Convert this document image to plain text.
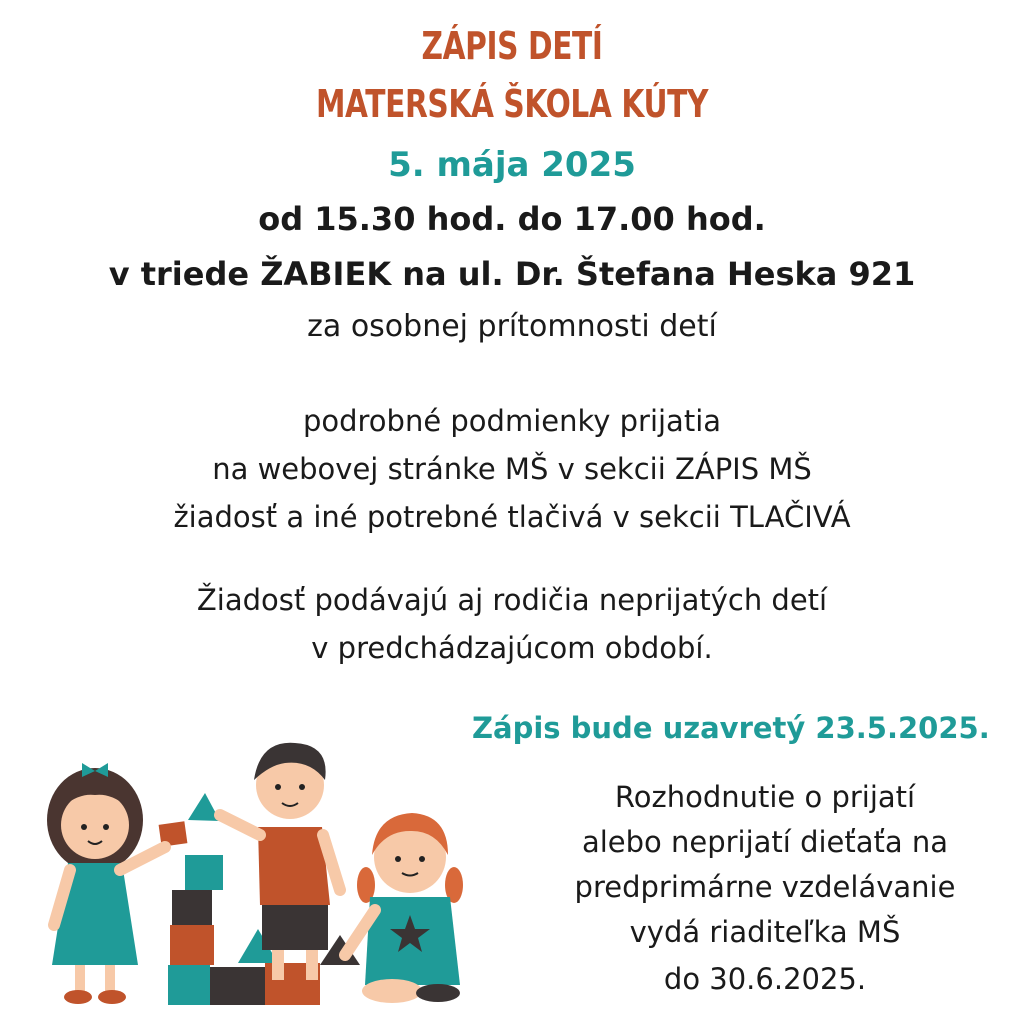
ZÁPIS DETÍ
MATERSKÁ ŠKOLA KÚTY
5. mája 2025
od 15.30 hod. do 17.00 hod.
v triede ŽABIEK na ul. Dr. Štefana Heska 921
za osobnej prítomnosti detí
podrobné podmienky prijatia
na webovej stránke MŠ v sekcii ZÁPIS MŠ
žiadosť a iné potrebné tlačivá v sekcii TLAČIVÁ
Žiadosť podávajú aj rodičia neprijatých detí
v predchádzajúcom období.
Zápis bude uzavretý 23.5.2025.
Rozhodnutie o prijatí
alebo neprijatí dieťaťa na
predprimárne vzdelávanie
vydá riaditeľka MŠ
do 30.6.2025.
